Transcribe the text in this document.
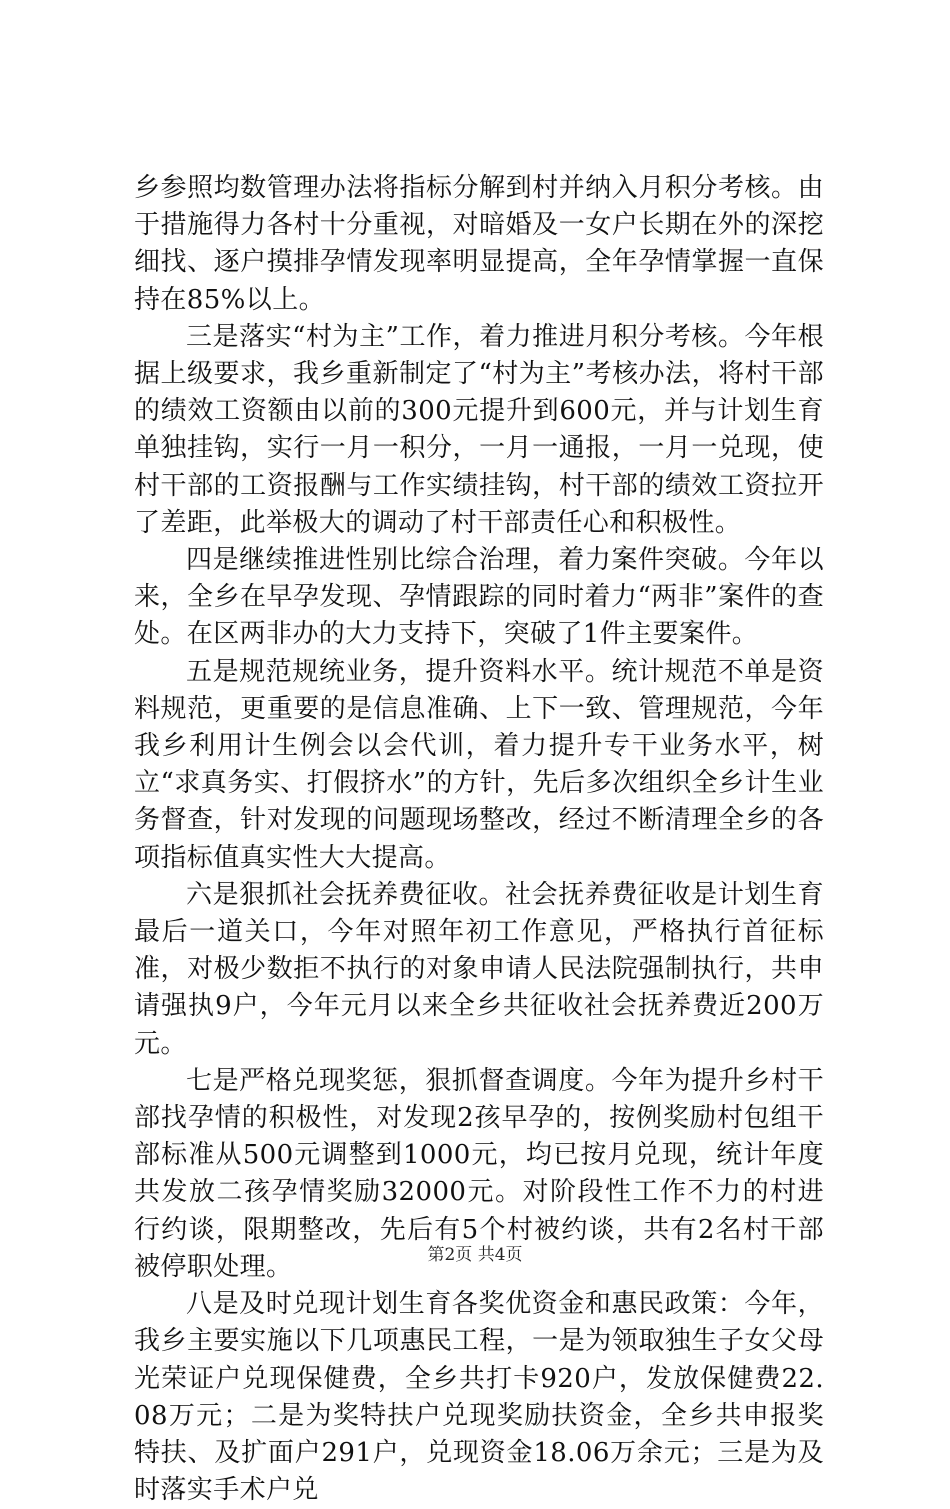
乡参照均数管理办法将指标分解到村并纳入月积分考核。由于措施得力各村十分重视，对暗婚及一女户长期在外的深挖细找、逐户摸排孕情发现率明显提高，全年孕情掌握一直保持在85%以上。

三是落实“村为主”工作，着力推进月积分考核。今年根据上级要求，我乡重新制定了“村为主”考核办法，将村干部的绩效工资额由以前的300元提升到600元，并与计划生育单独挂钩，实行一月一积分，一月一通报，一月一兑现，使村干部的工资报酬与工作实绩挂钩，村干部的绩效工资拉开了差距，此举极大的调动了村干部责任心和积极性。

四是继续推进性别比综合治理，着力案件突破。今年以来，全乡在早孕发现、孕情跟踪的同时着力“两非”案件的查处。在区两非办的大力支持下，突破了1件主要案件。

五是规范规统业务，提升资料水平。统计规范不单是资料规范，更重要的是信息准确、上下一致、管理规范，今年我乡利用计生例会以会代训，着力提升专干业务水平，树立“求真务实、打假挤水”的方针，先后多次组织全乡计生业务督查，针对发现的问题现场整改，经过不断清理全乡的各项指标值真实性大大提高。

六是狠抓社会抚养费征收。社会抚养费征收是计划生育最后一道关口，今年对照年初工作意见，严格执行首征标准，对极少数拒不执行的对象申请人民法院强制执行，共申请强执9户，今年元月以来全乡共征收社会抚养费近200万元。

七是严格兑现奖惩，狠抓督查调度。今年为提升乡村干部找孕情的积极性，对发现2孩早孕的，按例奖励村包组干部标准从500元调整到1000元，均已按月兑现，统计年度共发放二孩孕情奖励32000元。对阶段性工作不力的村进行约谈，限期整改，先后有5个村被约谈，共有2名村干部被停职处理。

八是及时兑现计划生育各奖优资金和惠民政策：今年，我乡主要实施以下几项惠民工程，一是为领取独生子女父母光荣证户兑现保健费，全乡共打卡920户，发放保健费22.08万元；二是为奖特扶户兑现奖励扶资金，全乡共申报奖特扶、及扩面户291户，兑现资金18.06万余元；三是为及时落实手术户兑

第2页 共4页
